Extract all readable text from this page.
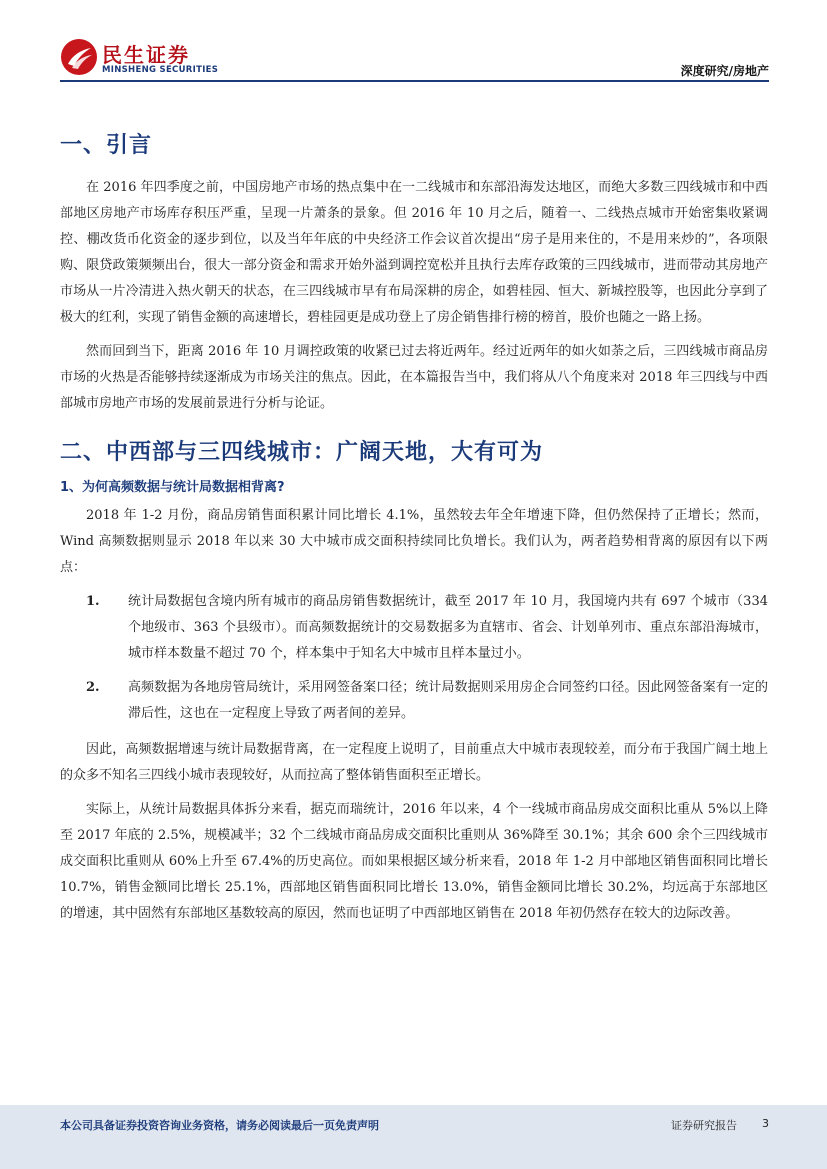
民生证券
MINSHENG SECURITIES	深度研究/房地产
一、引言

在 2016 年四季度之前，中国房地产市场的热点集中在一二线城市和东部沿海发达地区，而绝大多数三四线城市和中西部地区房地产市场库存积压严重，呈现一片萧条的景象。但 2016 年 10 月之后，随着一、二线热点城市开始密集收紧调控、棚改货币化资金的逐步到位，以及当年年底的中央经济工作会议首次提出“房子是用来住的，不是用来炒的”，各项限购、限贷政策频频出台，很大一部分资金和需求开始外溢到调控宽松并且执行去库存政策的三四线城市，进而带动其房地产市场从一片冷清进入热火朝天的状态，在三四线城市早有布局深耕的房企，如碧桂园、恒大、新城控股等，也因此分享到了极大的红利，实现了销售金额的高速增长，碧桂园更是成功登上了房企销售排行榜的榜首，股价也随之一路上扬。

然而回到当下，距离 2016 年 10 月调控政策的收紧已过去将近两年。经过近两年的如火如荼之后，三四线城市商品房市场的火热是否能够持续逐渐成为市场关注的焦点。因此，在本篇报告当中，我们将从八个角度来对 2018 年三四线与中西部城市房地产市场的发展前景进行分析与论证。

二、中西部与三四线城市：广阔天地，大有可为
1、为何高频数据与统计局数据相背离?

2018 年 1-2 月份，商品房销售面积累计同比增长 4.1%，虽然较去年全年增速下降，但仍然保持了正增长；然而，Wind 高频数据则显示 2018 年以来 30 大中城市成交面积持续同比负增长。我们认为，两者趋势相背离的原因有以下两点：

1. 统计局数据包含境内所有城市的商品房销售数据统计，截至 2017 年 10 月，我国境内共有 697 个城市（334 个地级市、363 个县级市）。而高频数据统计的交易数据多为直辖市、省会、计划单列市、重点东部沿海城市，城市样本数量不超过 70 个，样本集中于知名大中城市且样本量过小。
2. 高频数据为各地房管局统计，采用网签备案口径；统计局数据则采用房企合同签约口径。因此网签备案有一定的滞后性，这也在一定程度上导致了两者间的差异。

因此，高频数据增速与统计局数据背离，在一定程度上说明了，目前重点大中城市表现较差，而分布于我国广阔土地上的众多不知名三四线小城市表现较好，从而拉高了整体销售面积至正增长。

实际上，从统计局数据具体拆分来看，据克而瑞统计，2016 年以来，4 个一线城市商品房成交面积比重从 5%以上降至 2017 年底的 2.5%，规模减半；32 个二线城市商品房成交面积比重则从 36%降至 30.1%；其余 600 余个三四线城市成交面积比重则从 60%上升至 67.4%的历史高位。而如果根据区域分析来看，2018 年 1-2 月中部地区销售面积同比增长 10.7%，销售金额同比增长 25.1%，西部地区销售面积同比增长 13.0%，销售金额同比增长 30.2%，均远高于东部地区的增速，其中固然有东部地区基数较高的原因，然而也证明了中西部地区销售在 2018 年初仍然存在较大的边际改善。

本公司具备证券投资咨询业务资格，请务必阅读最后一页免责声明	证券研究报告 3
